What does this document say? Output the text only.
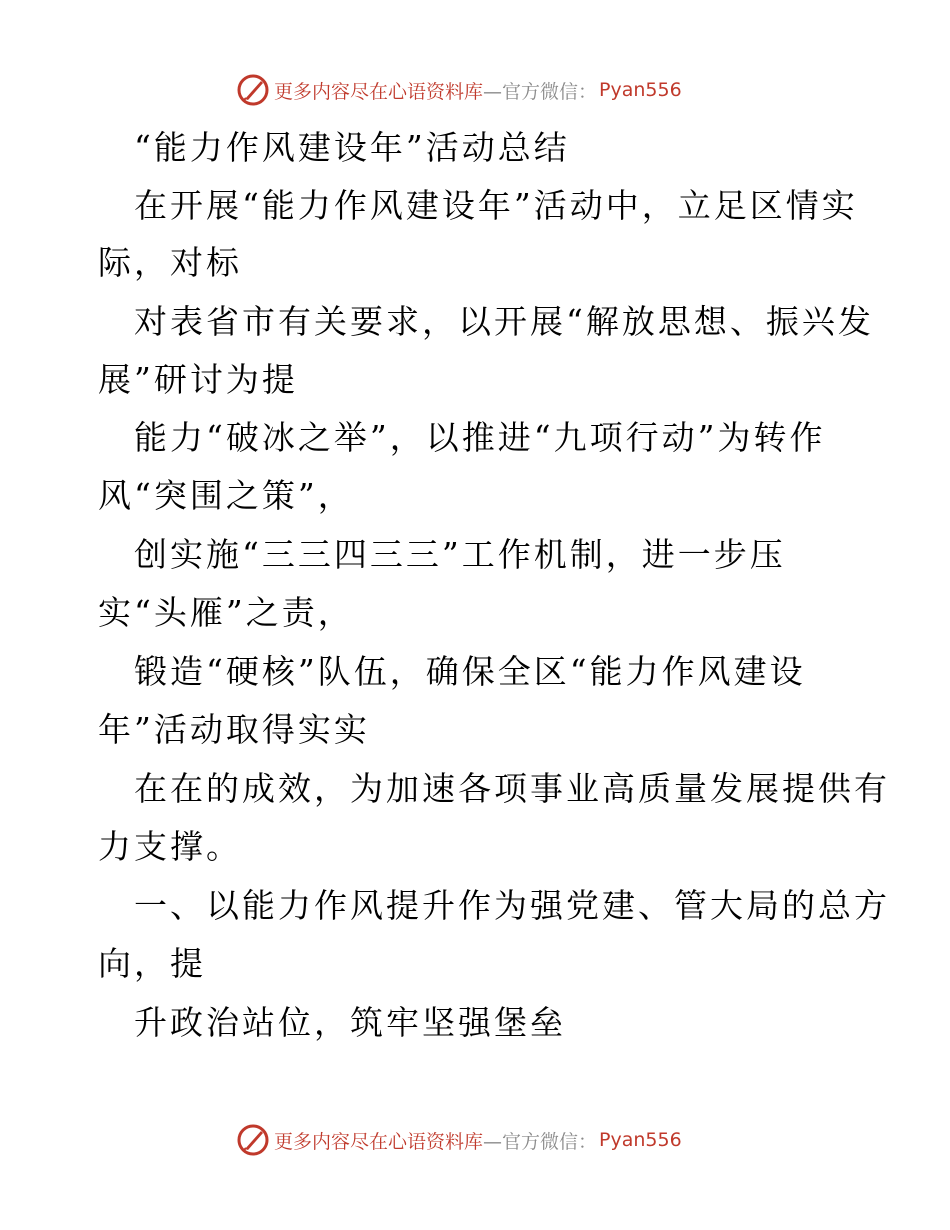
更多内容尽在心语资料库 —官方微信： Pyan556
“能力作风建设年”活动总结
在开展“能力作风建设年”活动中，立足区情实
际，对标
对表省市有关要求，以开展“解放思想、振兴发
展”研讨为提
能力“破冰之举”，以推进“九项行动”为转作
风“突围之策”，
创实施“三三四三三”工作机制，进一步压
实“头雁”之责，
锻造“硬核”队伍，确保全区“能力作风建设
年”活动取得实实
在在的成效，为加速各项事业高质量发展提供有
力支撑。
一、以能力作风提升作为强党建、管大局的总方
向，提
升政治站位，筑牢坚强堡垒
更多内容尽在心语资料库 —官方微信： Pyan556
